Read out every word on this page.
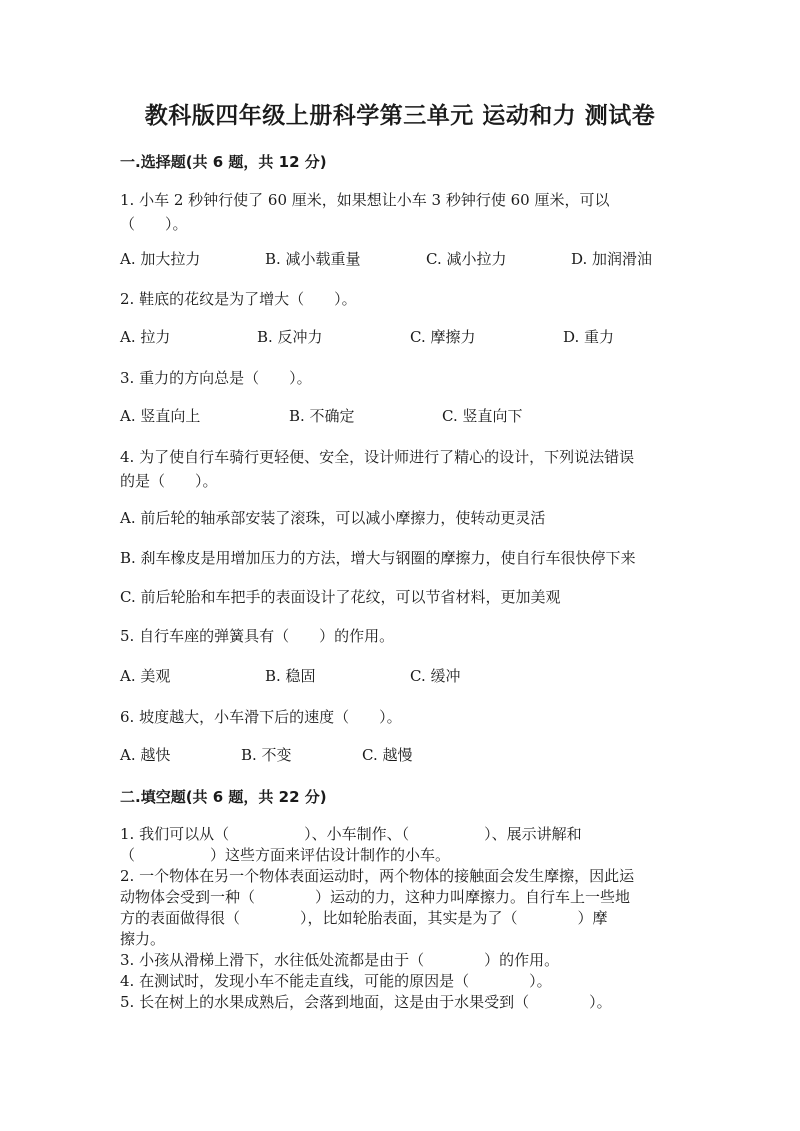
教科版四年级上册科学第三单元 运动和力 测试卷

一.选择题(共 6 题，共 12 分)

1. 小车 2 秒钟行使了 60 厘米，如果想让小车 3 秒钟行使 60 厘米，可以

（　　）。

A. 加大拉力	B. 减小载重量	C. 减小拉力	D. 加润滑油

2. 鞋底的花纹是为了增大（　　）。

A. 拉力	B. 反冲力	C. 摩擦力	D. 重力

3. 重力的方向总是（　　）。

A. 竖直向上	B. 不确定	C. 竖直向下

4. 为了使自行车骑行更轻便、安全，设计师进行了精心的设计，下列说法错误

的是（　　）。

A. 前后轮的轴承部安装了滚珠，可以减小摩擦力，使转动更灵活
B. 刹车橡皮是用增加压力的方法，增大与钢圈的摩擦力，使自行车很快停下来
C. 前后轮胎和车把手的表面设计了花纹，可以节省材料，更加美观

5. 自行车座的弹簧具有（　　）的作用。

A. 美观	B. 稳固	C. 缓冲

6. 坡度越大，小车滑下后的速度（　　）。

A. 越快	B. 不变	C. 越慢

二.填空题(共 6 题，共 22 分)

1. 我们可以从（　　　　　）、小车制作、（　　　　　）、展示讲解和
（　　　　　）这些方面来评估设计制作的小车。
2. 一个物体在另一个物体表面运动时，两个物体的接触面会发生摩擦，因此运
动物体会受到一种（　　　　）运动的力，这种力叫摩擦力。自行车上一些地
方的表面做得很（　　　　），比如轮胎表面，其实是为了（　　　　）摩
擦力。
3. 小孩从滑梯上滑下，水往低处流都是由于（　　　　）的作用。
4. 在测试时，发现小车不能走直线，可能的原因是（　　　　）。
5. 长在树上的水果成熟后，会落到地面，这是由于水果受到（　　　　）。
